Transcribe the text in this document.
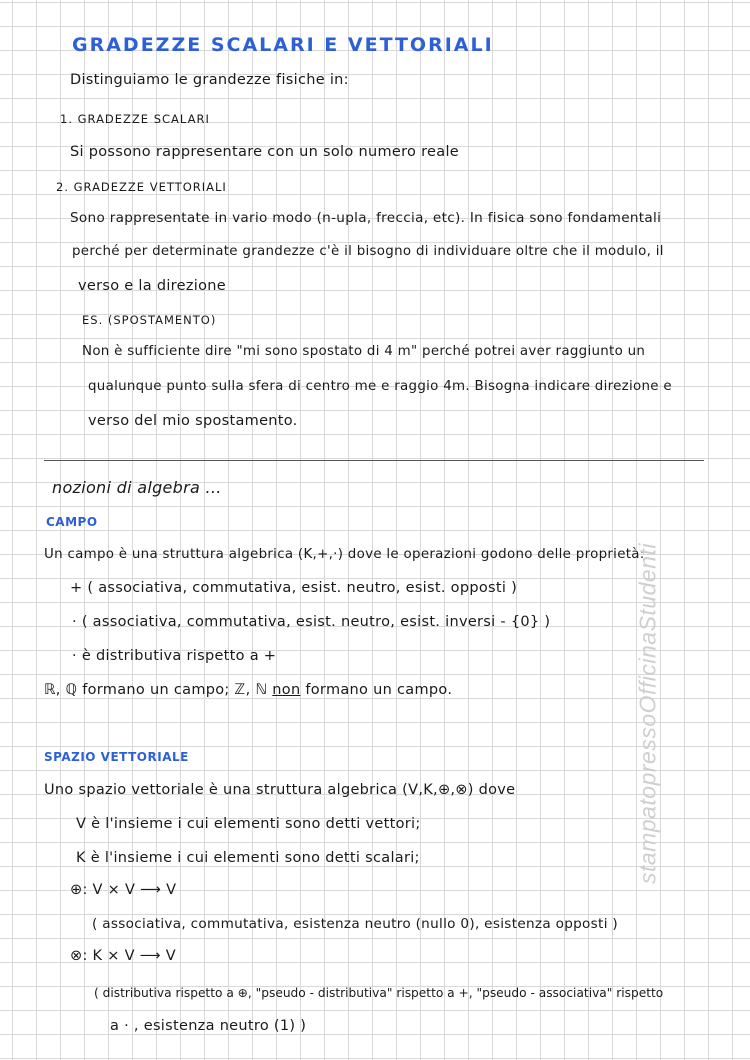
GRADEZZE SCALARI E VETTORIALI
Distinguiamo le grandezze fisiche in:
1. GRADEZZE SCALARI
Si possono rappresentare con un solo numero reale
2. GRADEZZE VETTORIALI
Sono rappresentate in vario modo (n-upla, freccia, etc). In fisica sono fondamentali
perché per determinate grandezze c'è il bisogno di individuare oltre che il modulo, il
verso e la direzione
ES. (SPOSTAMENTO)
Non è sufficiente dire "mi sono spostato di 4 m" perché potrei aver raggiunto un
qualunque punto sulla sfera di centro me e raggio 4m. Bisogna indicare direzione e
verso del mio spostamento.
nozioni di algebra ...
CAMPO
Un campo è una struttura algebrica (K,+,·) dove le operazioni godono delle proprietà:
+ ( associativa, commutativa, esist. neutro, esist. opposti )
· ( associativa, commutativa, esist. neutro, esist. inversi - {0} )
· è distributiva rispetto a +
ℝ, ℚ formano un campo; ℤ, ℕ non formano un campo.
SPAZIO VETTORIALE
Uno spazio vettoriale è una struttura algebrica (V,K,⊕,⊗) dove
V è l'insieme i cui elementi sono detti vettori;
K è l'insieme i cui elementi sono detti scalari;
⊕: V × V ⟶ V
( associativa, commutativa, esistenza neutro (nullo 0), esistenza opposti )
⊗: K × V ⟶ V
( distributiva rispetto a ⊕, "pseudo - distributiva" rispetto a +, "pseudo - associativa" rispetto
a · , esistenza neutro (1) )
stampatopressoOfficinaStudenti
